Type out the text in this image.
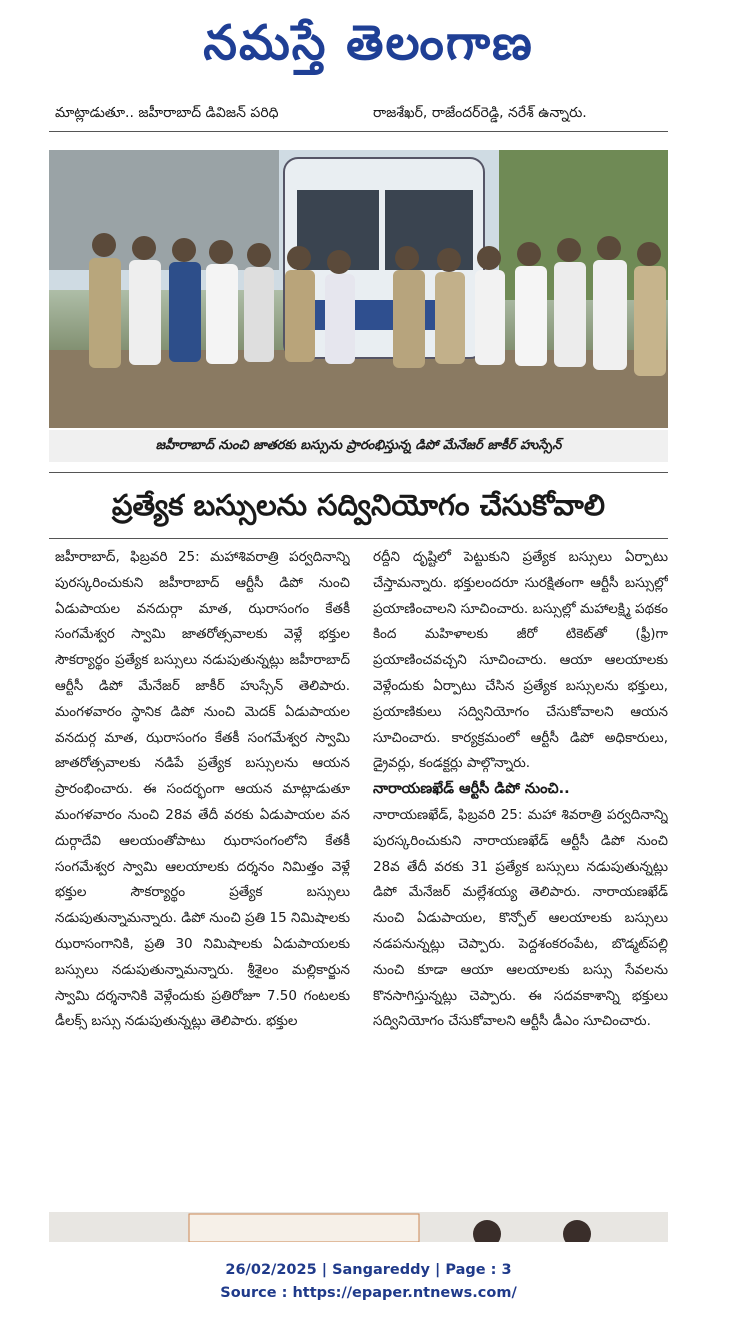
నమస్తే తెలంగాణ
మాట్లాడుతూ.. జహీరాబాద్ డివిజన్ పరిధి	రాజశేఖర్, రాజేందర్‌రెడ్డి, నరేశ్ ఉన్నారు.
జహీరాబాద్ నుంచి జాతరకు బస్సును ప్రారంభిస్తున్న డిపో మేనేజర్ జాకీర్ హుస్సేన్
ప్రత్యేక బస్సులను సద్వినియోగం చేసుకోవాలి

జహీరాబాద్, ఫిబ్రవరి 25: మహాశివరాత్రి పర్వదినాన్ని పురస్కరించుకుని జహీరాబాద్ ఆర్టీసీ డిపో నుంచి ఏడుపాయల వనదుర్గా మాత, ఝరాసంగం కేతకీ సంగమేశ్వర స్వామి జాతరోత్సవాలకు వెళ్లే భక్తుల సౌకర్యార్థం ప్రత్యేక బస్సులు నడుపుతున్నట్లు జహీరాబాద్ ఆర్టీసీ డిపో మేనేజర్ జాకీర్ హుస్సేన్ తెలిపారు. మంగళవారం స్థానిక డిపో నుంచి మెదక్ ఏడుపాయల వనదుర్గ మాత, ఝరాసంగం కేతకీ సంగమేశ్వర స్వామి జాతరోత్సవాలకు నడిపే ప్రత్యేక బస్సులను ఆయన ప్రారంభించారు. ఈ సందర్భంగా ఆయన మాట్లాడుతూ మంగళవారం నుంచి 28వ తేదీ వరకు ఏడుపాయల వన దుర్గాదేవి ఆలయంతోపాటు ఝరాసంగంలోని కేతకీ సంగమేశ్వర స్వామి ఆలయాలకు దర్శనం నిమిత్తం వెళ్లే భక్తుల సౌకర్యార్థం ప్రత్యేక బస్సులు నడుపుతున్నామన్నారు. డిపో నుంచి ప్రతి 15 నిమిషాలకు ఝరాసంగానికి, ప్రతి 30 నిమిషాలకు ఏడుపాయలకు బస్సులు నడుపుతున్నామన్నారు. శ్రీశైలం మల్లికార్జున స్వామి దర్శనానికి వెళ్లేందుకు ప్రతిరోజూ 7.50 గంటలకు డీలక్స్ బస్సు నడుపుతున్నట్లు తెలిపారు. భక్తుల

రద్దీని దృష్టిలో పెట్టుకుని ప్రత్యేక బస్సులు ఏర్పాటు చేస్తామన్నారు. భక్తులందరూ సురక్షితంగా ఆర్టీసీ బస్సుల్లో ప్రయాణించాలని సూచించారు. బస్సుల్లో మహాలక్ష్మి పథకం కింద మహిళాలకు జీరో టికెట్‌తో (ఫ్రీ)గా ప్రయాణించవచ్చని సూచించారు. ఆయా ఆలయాలకు వెళ్లేందుకు ఏర్పాటు చేసిన ప్రత్యేక బస్సులను భక్తులు, ప్రయాణికులు సద్వినియోగం చేసుకోవాలని ఆయన సూచించారు. కార్యక్రమంలో ఆర్టీసీ డిపో అధికారులు, డ్రైవర్లు, కండక్టర్లు పాల్గొన్నారు.

నారాయణఖేడ్ ఆర్టీసీ డిపో నుంచి..

నారాయణఖేడ్, ఫిబ్రవరి 25: మహా శివరాత్రి పర్వదినాన్ని పురస్కరించుకుని నారాయణఖేడ్ ఆర్టీసీ డిపో నుంచి 28వ తేదీ వరకు 31 ప్రత్యేక బస్సులు నడుపుతున్నట్లు డిపో మేనేజర్ మల్లేశయ్య తెలిపారు. నారాయణఖేడ్ నుంచి ఏడుపాయల, కొన్పోల్ ఆలయాలకు బస్సులు నడపనున్నట్లు చెప్పారు. పెద్దశంకరంపేట, బొడ్మట్‌పల్లి నుంచి కూడా ఆయా ఆలయాలకు బస్సు సేవలను కొనసాగిస్తున్నట్లు చెప్పారు. ఈ సదవకాశాన్ని భక్తులు సద్వినియోగం చేసుకోవాలని ఆర్టీసీ డీఎం సూచించారు.

26/02/2025 | Sangareddy | Page : 3
Source : https://epaper.ntnews.com/
